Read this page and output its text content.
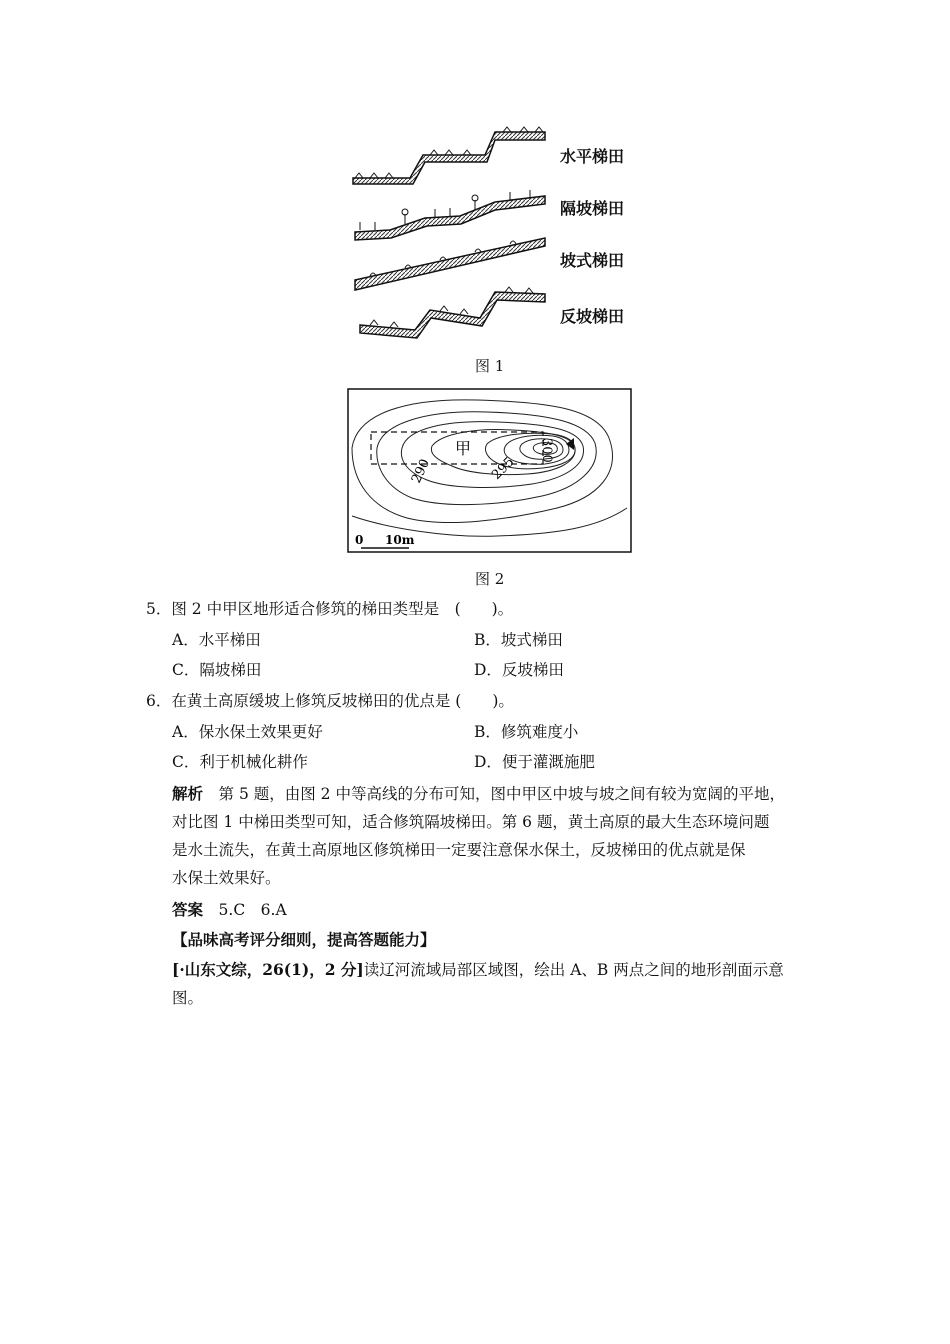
水平梯田
隔坡梯田
坡式梯田
反坡梯田
图 1
290	295
300
甲
0 10m
图 2
5．图 2 中甲区地形适合修筑的梯田类型是　(　　)。
A．水平梯田	B．坡式梯田
C．隔坡梯田	D．反坡梯田
6．在黄土高原缓坡上修筑反坡梯田的优点是 (　　)。
A．保水保土效果更好	B．修筑难度小
C．利于机械化耕作	D．便于灌溉施肥
解析　 第 5 题，由图 2 中等高线的分布可知，图中甲区中坡与坡之间有较为宽阔的平地，
对比图 1 中梯田类型可知，适合修筑隔坡梯田。第 6 题，黄土高原的最大生态环境问题
是水土流失，在黄土高原地区修筑梯田一定要注意保水保土，反坡梯田的优点就是保
水保土效果好。
答案　 5.C　6.A
【品味高考评分细则，提高答题能力】
[·山东文综，26(1)，2 分]读辽河流域局部区域图，绘出 A、B 两点之间的地形剖面示意
图。
